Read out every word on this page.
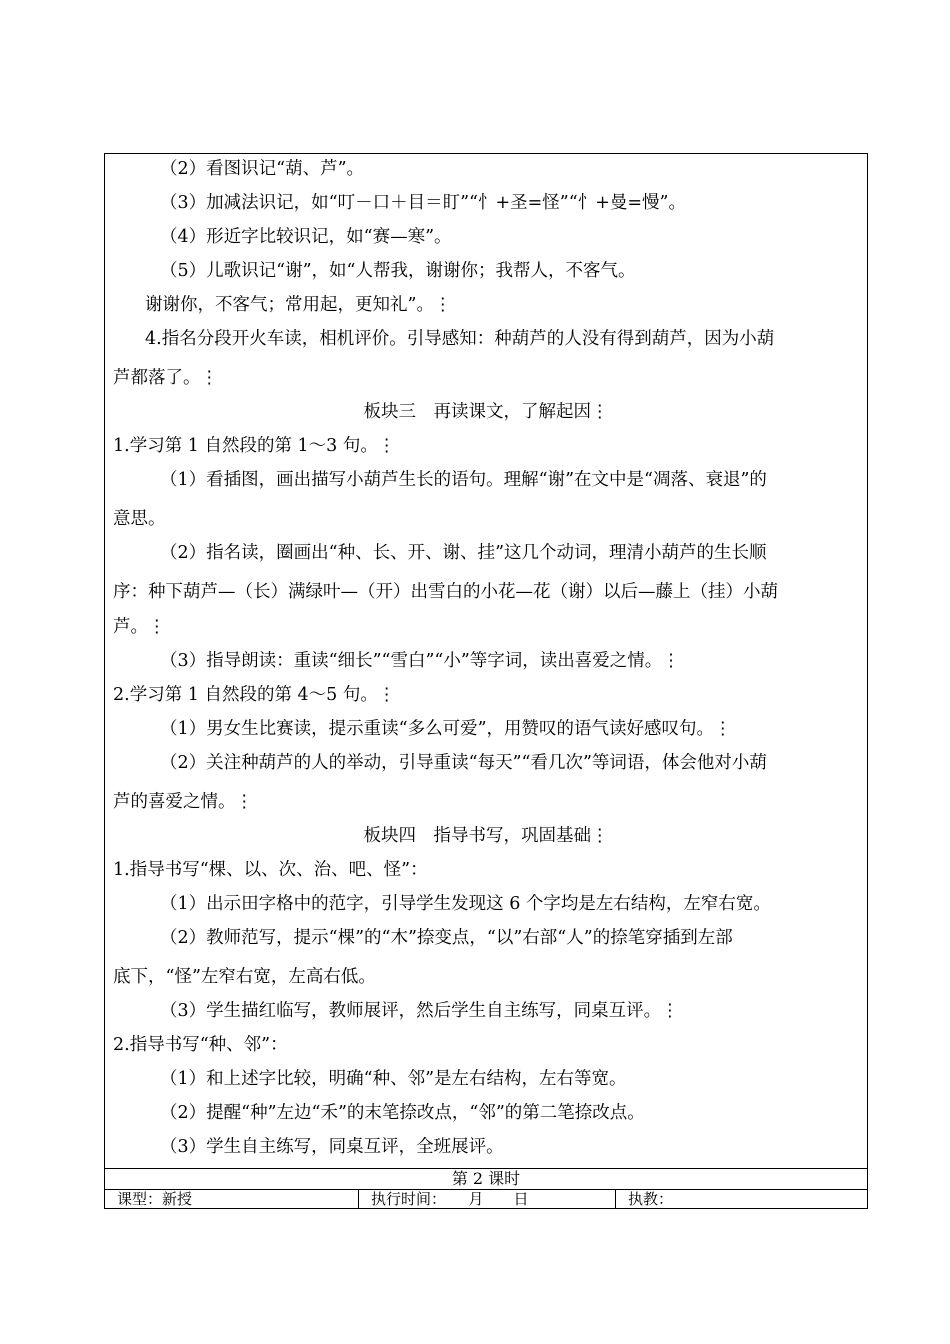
（2）看图识记“葫、芦”。
（3）加减法识记，如“叮－口＋目＝盯”“忄+圣=怪”“忄+曼=慢”。
（4）形近字比较识记，如“赛—寒”。
（5）儿歌识记“谢”，如“人帮我，谢谢你；我帮人，不客气。
谢谢你，不客气；常用起，更知礼”。⋮
4.指名分段开火车读，相机评价。引导感知：种葫芦的人没有得到葫芦，因为小葫
芦都落了。⋮
板块三　再读课文，了解起因⋮
1.学习第 1 自然段的第 1～3 句。⋮
（1）看插图，画出描写小葫芦生长的语句。理解“谢”在文中是“凋落、衰退”的
意思。
（2）指名读，圈画出“种、长、开、谢、挂”这几个动词，理清小葫芦的生长顺
序：种下葫芦—（长）满绿叶—（开）出雪白的小花—花（谢）以后—藤上（挂）小葫
芦。⋮
（3）指导朗读：重读“细长”“雪白”“小”等字词，读出喜爱之情。⋮
2.学习第 1 自然段的第 4～5 句。⋮
（1）男女生比赛读，提示重读“多么可爱”，用赞叹的语气读好感叹句。⋮
（2）关注种葫芦的人的举动，引导重读“每天”“看几次”等词语，体会他对小葫
芦的喜爱之情。⋮
板块四　指导书写，巩固基础⋮
1.指导书写“棵、以、次、治、吧、怪”：
（1）出示田字格中的范字，引导学生发现这 6 个字均是左右结构，左窄右宽。
（2）教师范写，提示“棵”的“木”捺变点，“以”右部“人”的捺笔穿插到左部
底下，“怪”左窄右宽，左高右低。
（3）学生描红临写，教师展评，然后学生自主练写，同桌互评。⋮
2.指导书写“种、邻”：
（1）和上述字比较，明确“种、邻”是左右结构，左右等宽。
（2）提醒“种”左边“禾”的末笔捺改点，“邻”的第二笔捺改点。
（3）学生自主练写，同桌互评，全班展评。
第 2 课时
课型：新授	执行时间：　　月　　日	执教：
